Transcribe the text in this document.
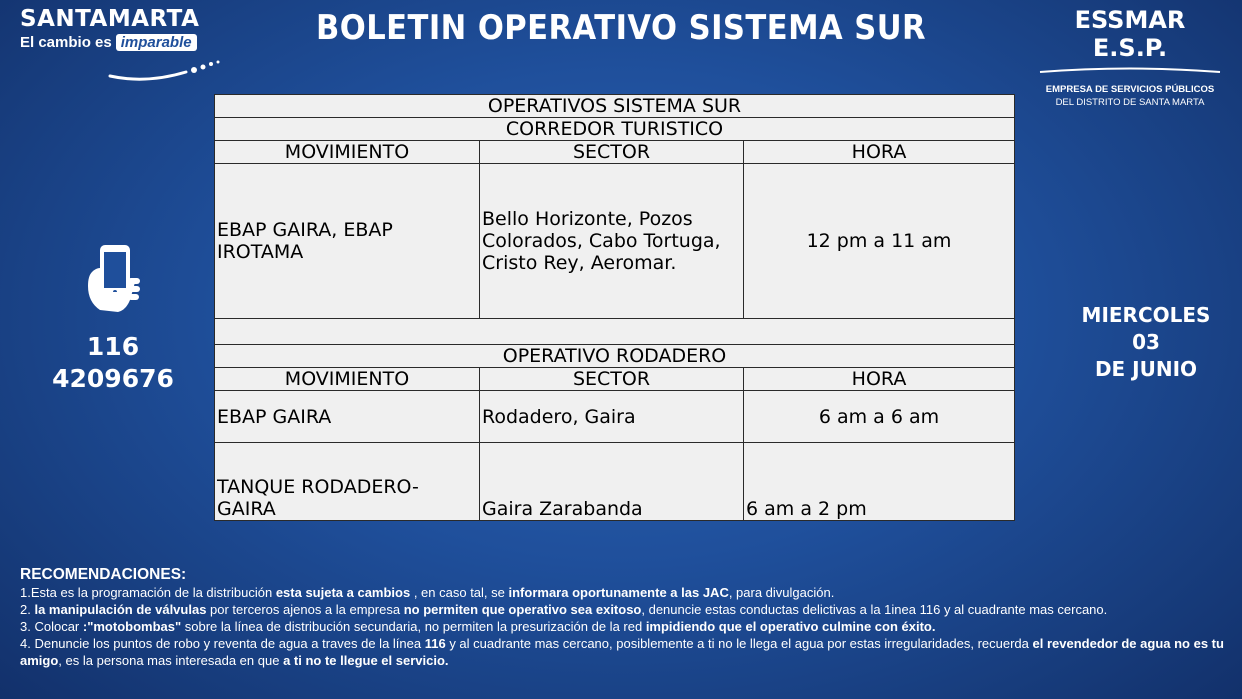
SANTAMARTA
El cambio es imparable	BOLETIN OPERATIVO SISTEMA SUR	ESSMAR E.S.P.
EMPRESA DE SERVICIOS PÚBLICOS
DEL DISTRITO DE SANTA MARTA
116
4209676
MIERCOLES
03
DE JUNIO
OPERATIVOS SISTEMA SUR		
CORREDOR TURISTICO		
MOVIMIENTO	SECTOR	HORA
EBAP GAIRA, EBAP IROTAMA	Bello Horizonte, Pozos Colorados, Cabo Tortuga, Cristo Rey, Aeromar.	12 pm a 11 am

OPERATIVO RODADERO		
MOVIMIENTO	SECTOR	HORA
EBAP GAIRA	Rodadero, Gaira	6 am a 6 am
TANQUE RODADERO-GAIRA	Gaira Zarabanda	6 am a 2 pm

RECOMENDACIONES:

1.Esta es la programación de la distribución esta sujeta a cambios , en caso tal, se informara oportunamente a las JAC, para divulgación.

2. la manipulación de válvulas por terceros ajenos a la empresa no permiten que operativo sea exitoso, denuncie estas conductas delictivas a la 1inea 116 y al cuadrante mas cercano.

3. Colocar :"motobombas" sobre la línea de distribución secundaria, no permiten la presurización de la red impidiendo que el operativo culmine con éxito.

4. Denuncie los puntos de robo y reventa de agua a traves de la línea 116 y al cuadrante mas cercano, posiblemente a ti no le llega el agua por estas irregularidades, recuerda el revendedor de agua no es tu amigo, es la persona mas interesada en que a ti no te llegue el servicio.
